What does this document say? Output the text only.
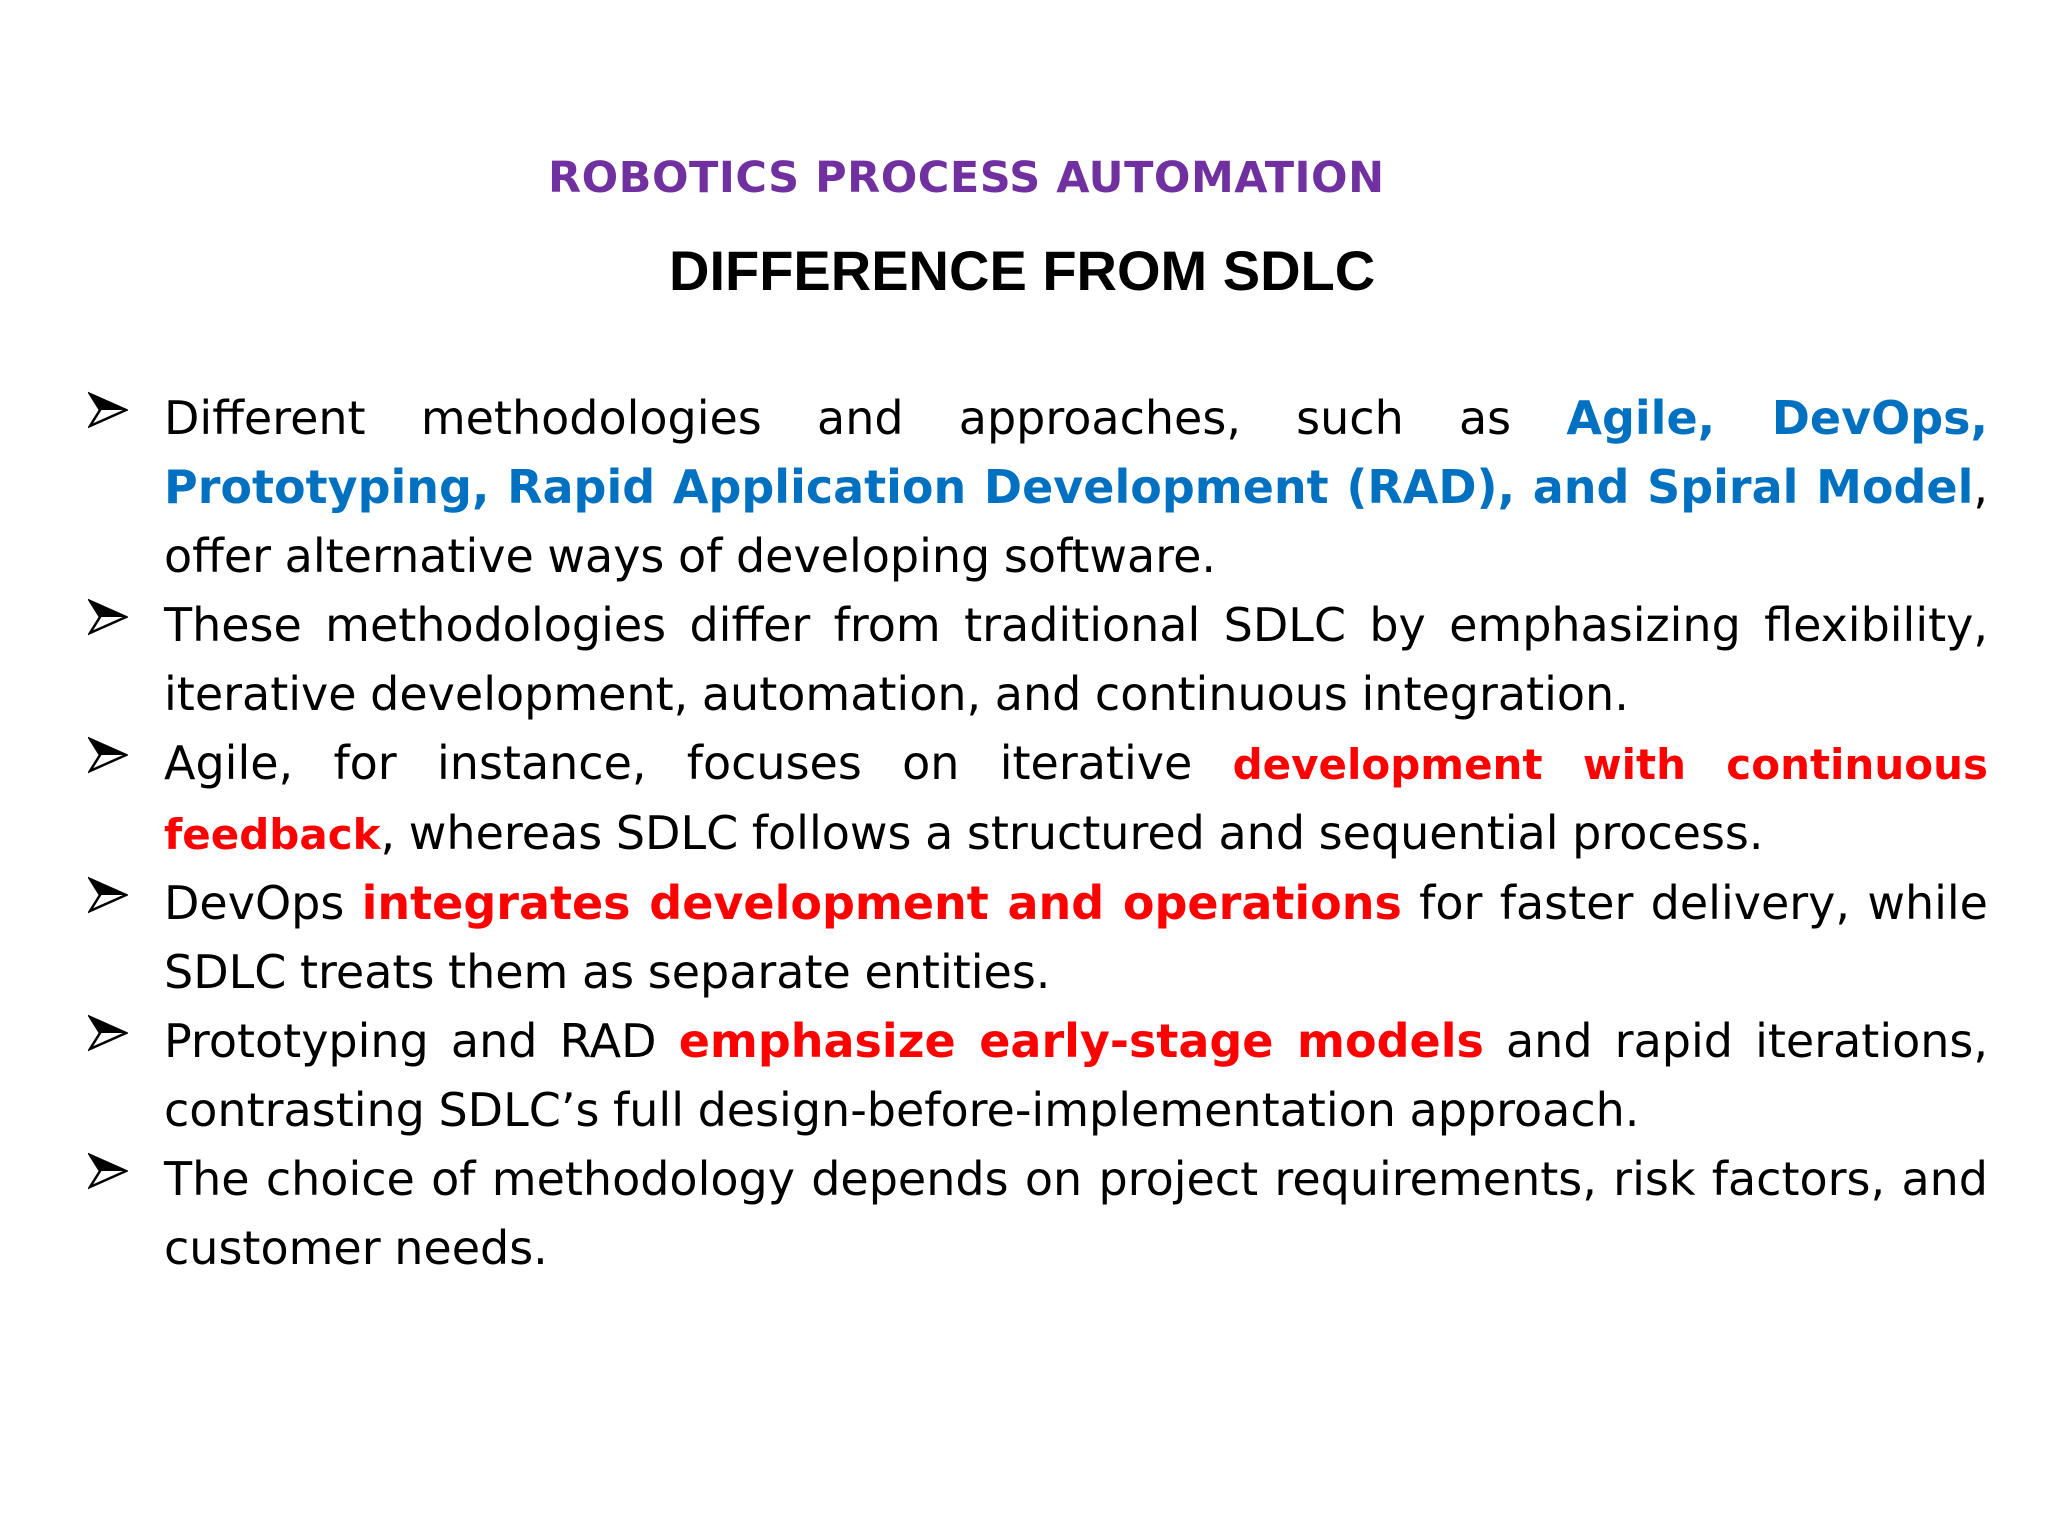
ROBOTICS PROCESS AUTOMATION
DIFFERENCE FROM SDLC
Different methodologies and approaches, such as Agile, DevOps, Prototyping, Rapid Application Development (RAD), and Spiral Model, offer alternative ways of developing software.
These methodologies differ from traditional SDLC by emphasizing flexibility, iterative development, automation, and continuous integration.
Agile, for instance, focuses on iterative development with continuous feedback, whereas SDLC follows a structured and sequential process.
DevOps integrates development and operations for faster delivery, while SDLC treats them as separate entities.
Prototyping and RAD emphasize early-stage models and rapid iterations, contrasting SDLC’s full design-before-implementation approach.
The choice of methodology depends on project requirements, risk factors, and customer needs.
